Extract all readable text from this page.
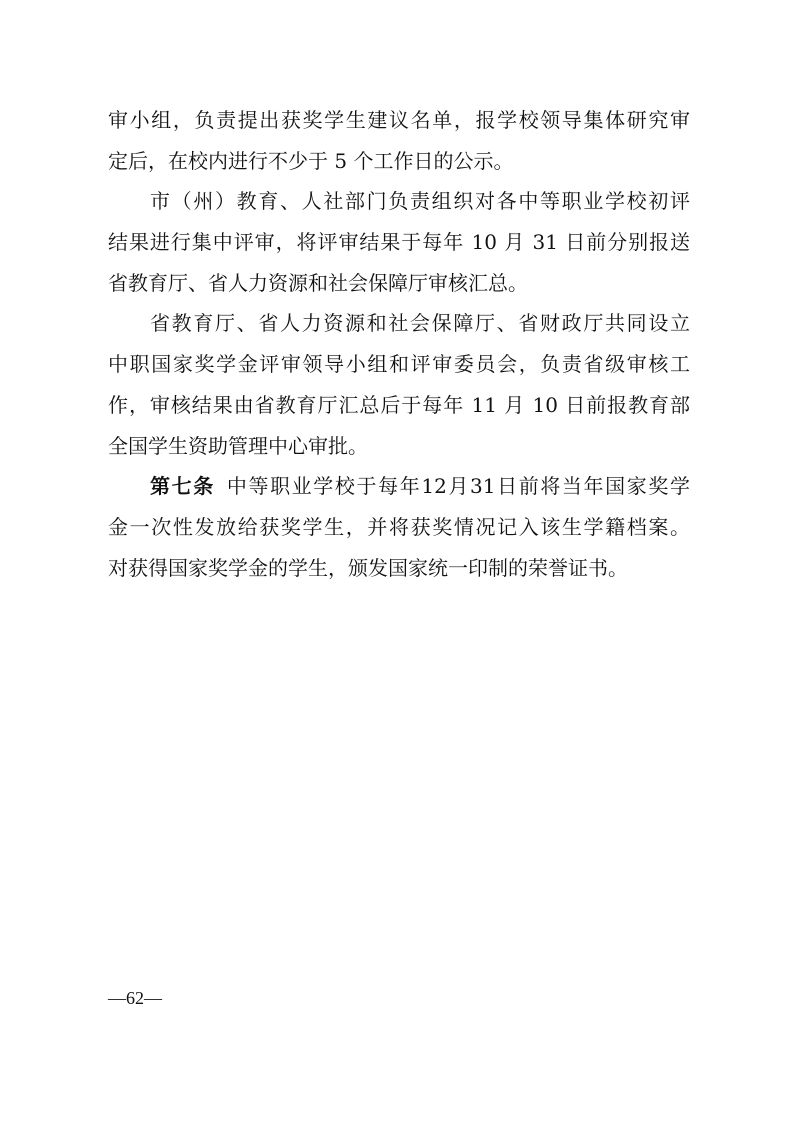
审小组，负责提出获奖学生建议名单，报学校领导集体研究审
定后，在校内进行不少于 5 个工作日的公示。
市（州）教育、人社部门负责组织对各中等职业学校初评
结果进行集中评审，将评审结果于每年 10 月 31 日前分别报送
省教育厅、省人力资源和社会保障厅审核汇总。
省教育厅、省人力资源和社会保障厅、省财政厅共同设立
中职国家奖学金评审领导小组和评审委员会，负责省级审核工
作，审核结果由省教育厅汇总后于每年 11 月 10 日前报教育部
全国学生资助管理中心审批。
第七条 中等职业学校于每年12月31日前将当年国家奖学
金一次性发放给获奖学生，并将获奖情况记入该生学籍档案。
对获得国家奖学金的学生，颁发国家统一印制的荣誉证书。
—62—
